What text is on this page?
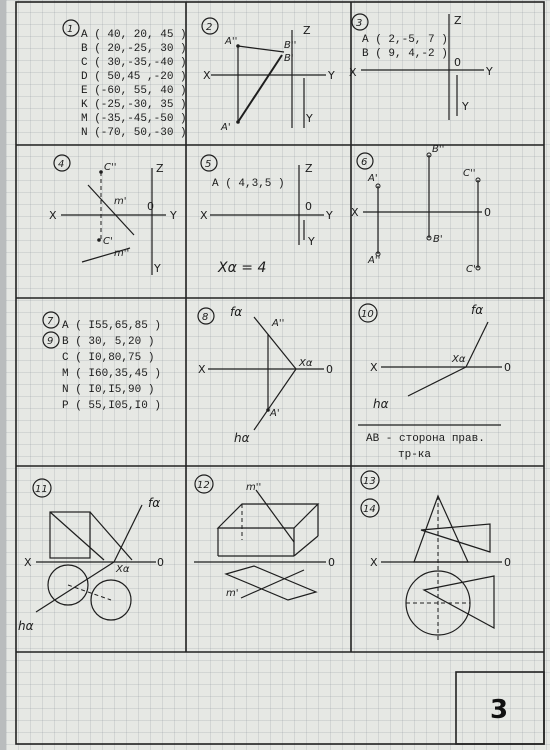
1 A ( 40, 20, 45 )
B ( 20,-25, 30 )
C ( 30,-35,-40 )
D ( 50,45 ,-20 )
E (-60, 55, 40 )
K (-25,-30, 35 )
M (-35,-45,-50 )
N (-70, 50,-30 )
2
X	Y
Z
Y
A''	B''
B'
A'
3
A ( 2,-5, 7 )
B ( 9, 4,-2 )
X	Y
Z
Y
0
4
X	Y
Z
Y
0
C''
C'
m'
m''
5
A ( 4,3,5 )
X	Y
Z
Y
0
Xα = 4
6
X	0
A'
A''
B''
B'
C''
C'
7
9
A ( I55,65,85 )
B ( 30, 5,20 )
C ( I0,80,75 )
M ( I60,35,45 )
N ( I0,I5,90 )
P ( 55,I05,I0 )
8
X	0
fα
A''
A'
Xα
hα
10
X	0
fα
Xα
hα
AB - сторона прав.
тр-ка
11
X	0
fα
Xα
hα
12
0
m''
m'
13
14
X	0
3
